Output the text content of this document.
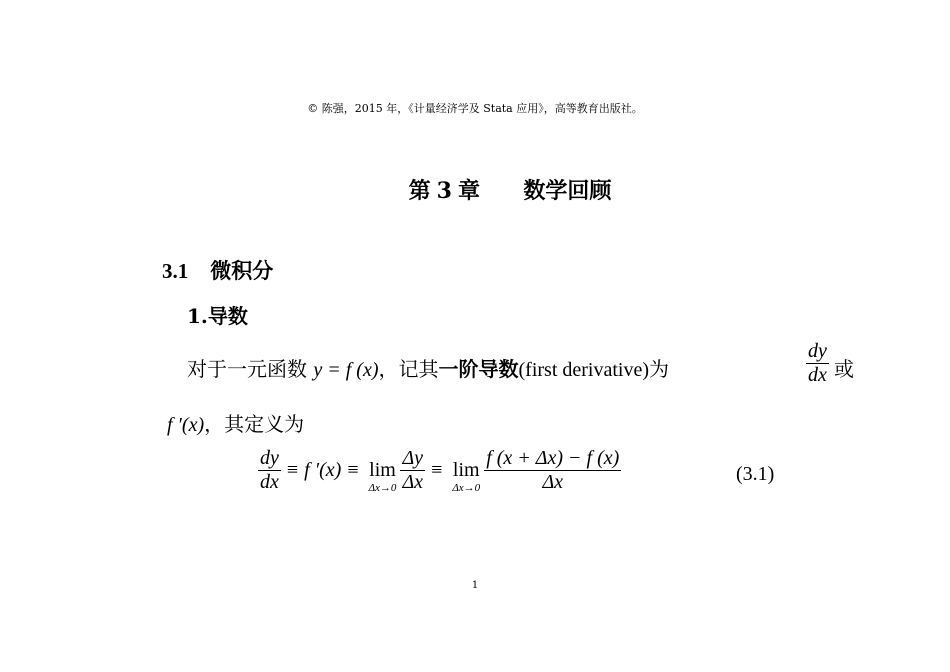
© 陈强，2015 年，《计量经济学及 Stata 应用》，高等教育出版社。
第 3 章 数学回顾
3.1 微积分
1.导数
对于一元函数 y = f (x)，记其一阶导数(first derivative)为	$\frac{dy}{dx}$ 或
f ′(x)，其定义为
$\frac{dy}{dx} \equiv f$ ′(x) ≡ lim
$\Delta x\to 0 \frac{\Delta y}{\Delta x} \equiv \lim$
$\Delta x\to 0 \frac{f (x + \Delta x) - f (x)}{\Delta x}$	(3.1)
1
